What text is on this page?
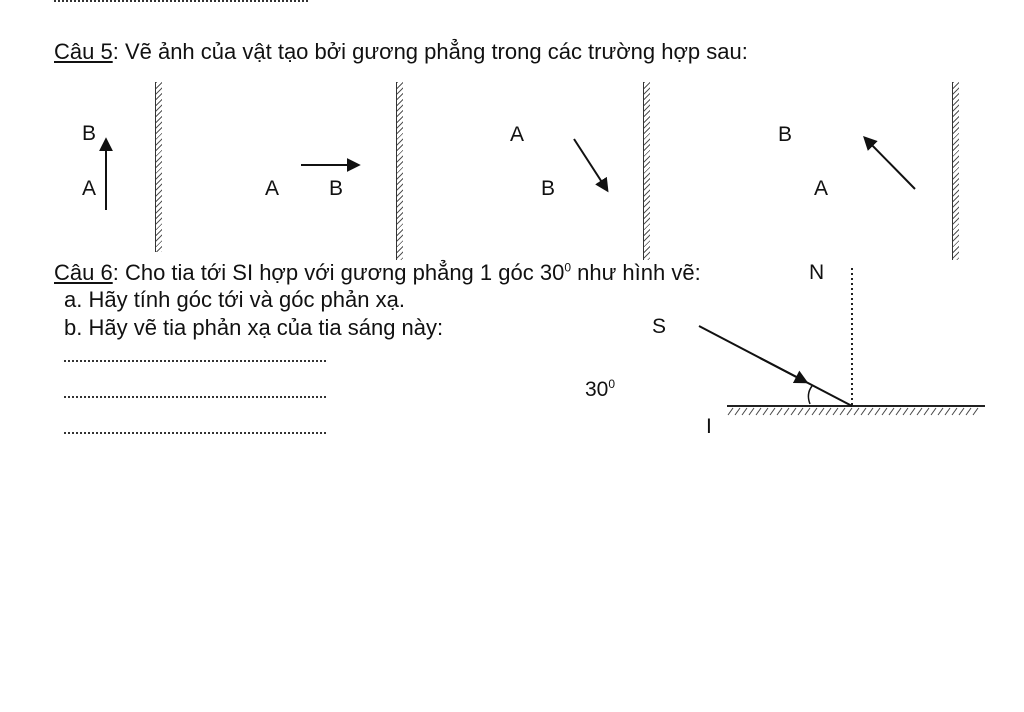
Câu 5: Vẽ ảnh của vật tạo bởi gương phẳng trong các trường hợp sau:
B
A	A B
A
B
B
A
Câu 6: Cho tia tới SI hợp với gương phẳng 1 góc $30^0$ như hình vẽ:
a. Hãy tính góc tới và góc phản xạ.
b. Hãy vẽ tia phản xạ của tia sáng này:
N
S
$30^0$
I
